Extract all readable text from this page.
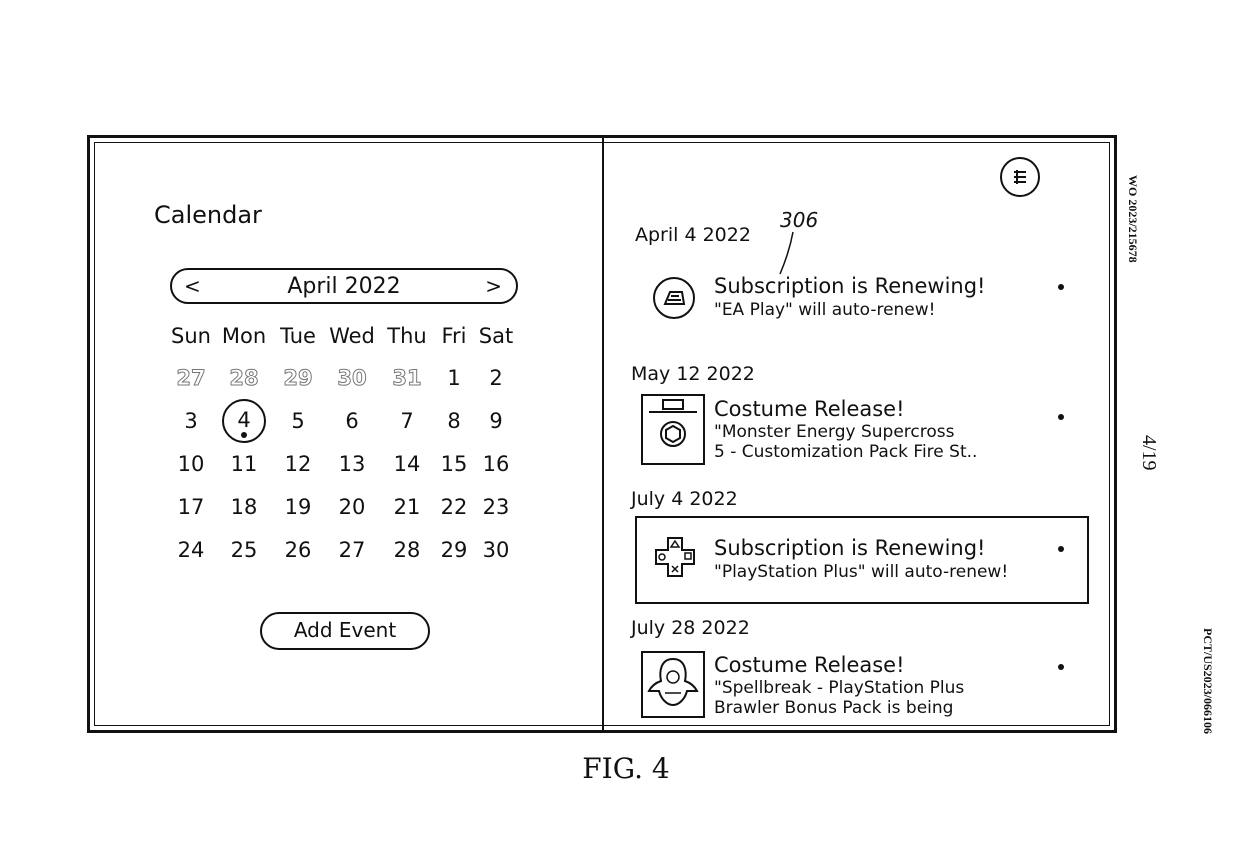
Calendar
<	April 2022	>
Sun Mon Tue Wed Thu Fri Sat
27	28	29	30	31	1	2
3	4	5	6	7	8	9
10	11	12	13	14 15 16
17	18	19	20	21 22 23
24	25	26	27	28 29 30
Add Event
306
April 4 2022
Subscription is Renewing!
"EA Play" will auto-renew!
May 12 2022
Costume Release!
"Monster Energy Supercross
5 - Customization Pack Fire St..
July 4 2022
Subscription is Renewing!
"PlayStation Plus" will auto-renew!
July 28 2022
Costume Release!
"Spellbreak - PlayStation Plus
Brawler Bonus Pack is being
FIG. 4
WO 2023/215678
4/19
PCT/US2023/066106
